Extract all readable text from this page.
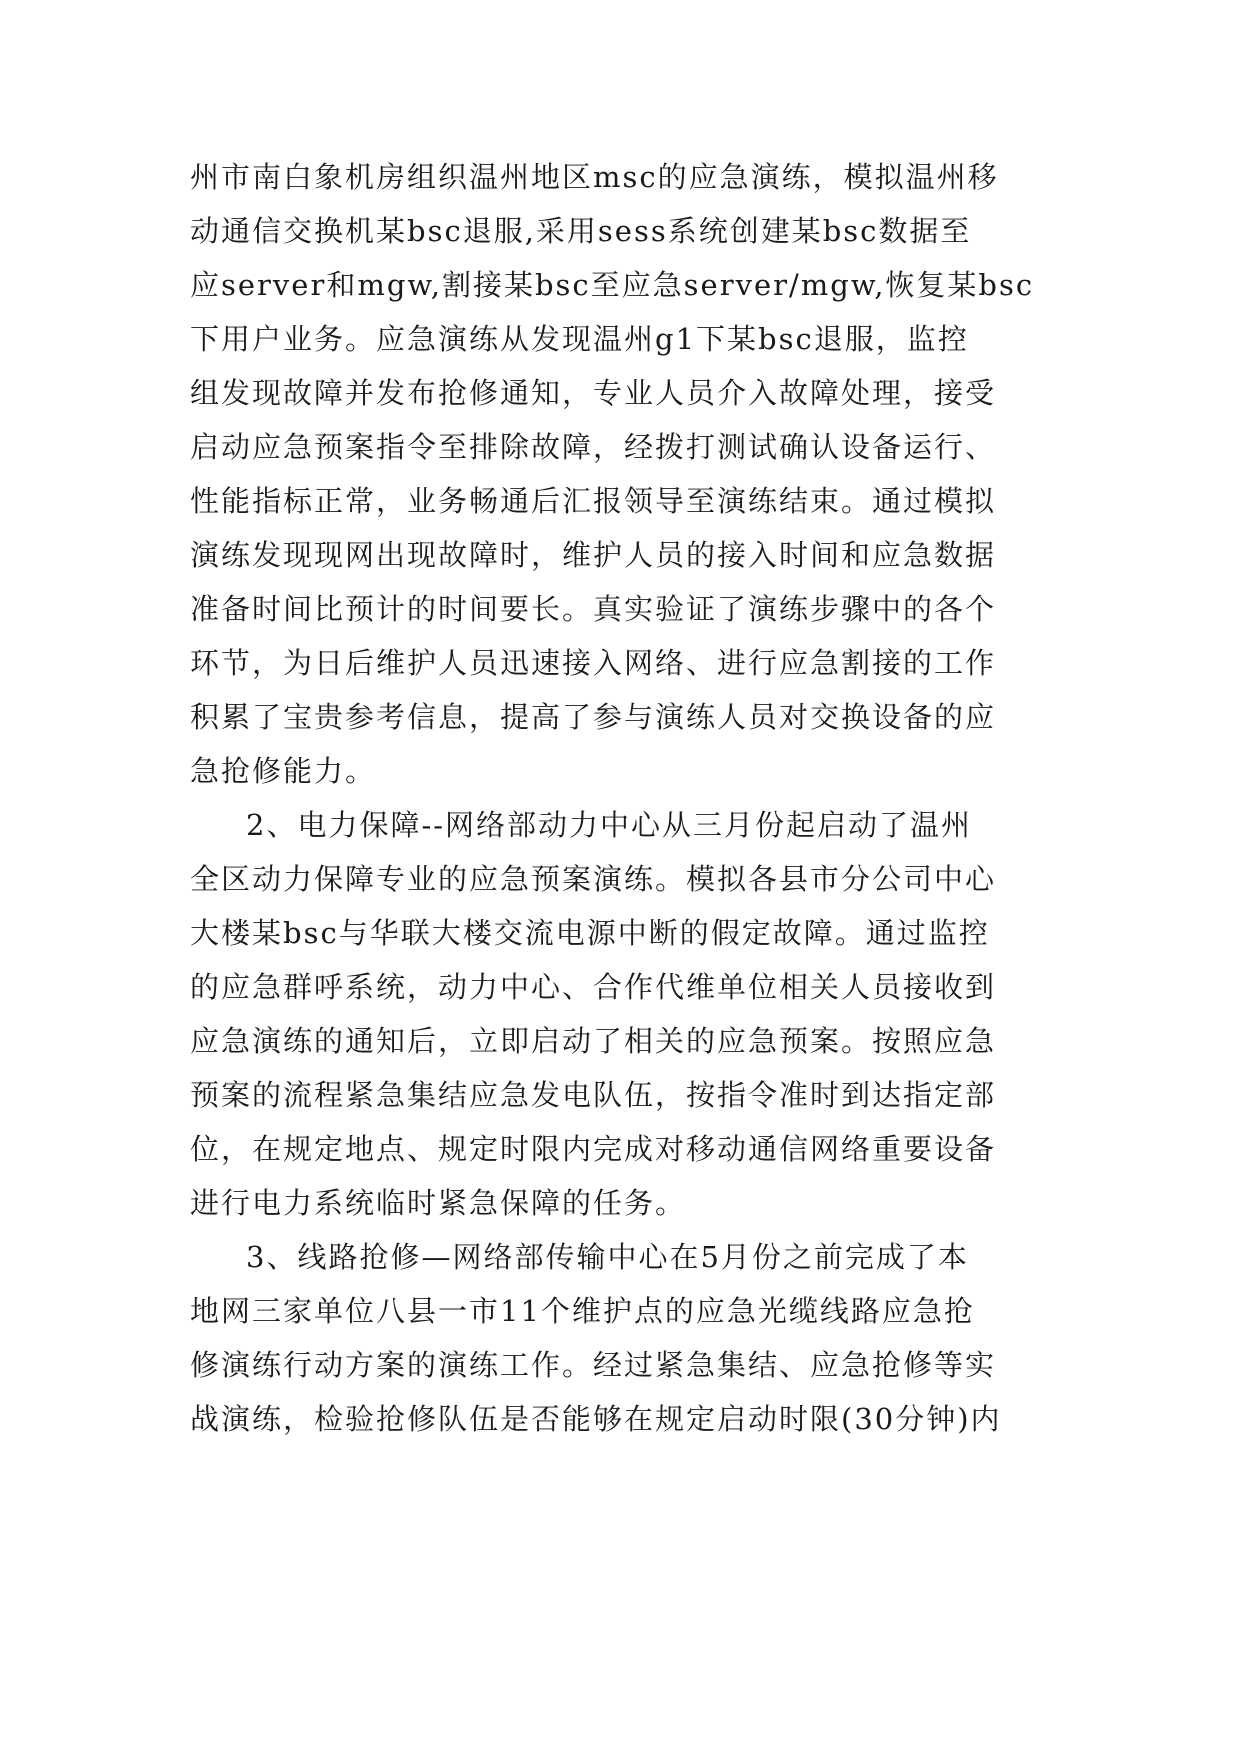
州市南白象机房组织温州地区msc的应急演练，模拟温州移
动通信交换机某bsc退服,采用sess系统创建某bsc数据至
应server和mgw,割接某bsc至应急server/mgw,恢复某bsc
下用户业务。应急演练从发现温州g1下某bsc退服，监控
组发现故障并发布抢修通知，专业人员介入故障处理，接受
启动应急预案指令至排除故障，经拨打测试确认设备运行、
性能指标正常，业务畅通后汇报领导至演练结束。通过模拟
演练发现现网出现故障时，维护人员的接入时间和应急数据
准备时间比预计的时间要长。真实验证了演练步骤中的各个
环节，为日后维护人员迅速接入网络、进行应急割接的工作
积累了宝贵参考信息，提高了参与演练人员对交换设备的应
急抢修能力。
2、电力保障--网络部动力中心从三月份起启动了温州
全区动力保障专业的应急预案演练。模拟各县市分公司中心
大楼某bsc与华联大楼交流电源中断的假定故障。通过监控
的应急群呼系统，动力中心、合作代维单位相关人员接收到
应急演练的通知后，立即启动了相关的应急预案。按照应急
预案的流程紧急集结应急发电队伍，按指令准时到达指定部
位，在规定地点、规定时限内完成对移动通信网络重要设备
进行电力系统临时紧急保障的任务。
3、线路抢修—网络部传输中心在5月份之前完成了本
地网三家单位八县一市11个维护点的应急光缆线路应急抢
修演练行动方案的演练工作。经过紧急集结、应急抢修等实
战演练，检验抢修队伍是否能够在规定启动时限(30分钟)内
